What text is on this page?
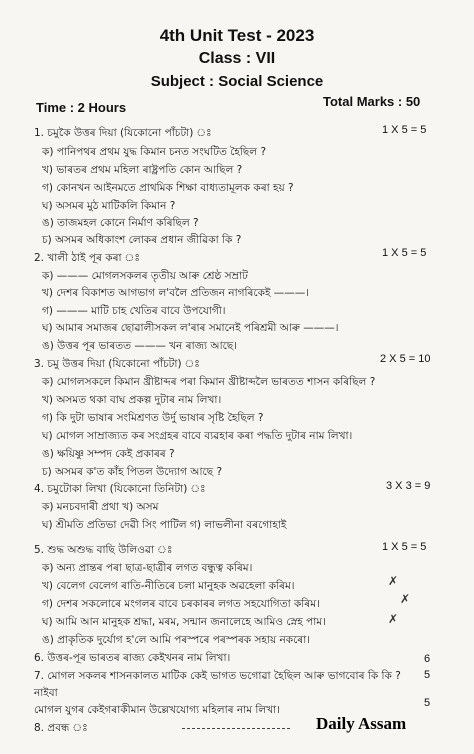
4th Unit Test - 2023
Class : VII
Subject : Social Science
Time : 2 Hours	Total Marks : 50
1. চমুকৈ উত্তৰ দিয়া (যিকোনো পাঁচটা) ঃ	1 X 5 = 5
ক) পানিপথৰ প্ৰথম যুদ্ধ কিমান চনত সংঘটিত হৈছিল ?
খ) ভাৰতৰ প্ৰথম মহিলা ৰাষ্ট্ৰপতি কোন আছিল ?
গ) কোনখন আইনমতে প্ৰাথমিক শিক্ষা বাধ্যতামূলক কৰা হয় ?
ঘ) অসমৰ মুঠ মাটিকলি কিমান ?
ঙ) তাজমহল কোনে নিৰ্মাণ কৰিছিল ?
চ) অসমৰ অধিকাংশ লোকৰ প্ৰধান জীৱিকা কি ?
2. খালী ঠাই পূৰ কৰা ঃ	1 X 5 = 5
ক) ——— মোগলসকলৰ তৃতীয় আৰু শ্ৰেষ্ঠ সম্ৰাট
খ) দেশৰ বিকাশত আগভাগ ল'বলৈ প্ৰতিজন নাগৰিকেই ———।
গ) ——— মাটি চাহ খেতিৰ বাবে উপযোগী।
ঘ) আমাৰ সমাজৰ ছোৱালীসকল ল'ৰাৰ সমানেই পৰিশ্ৰমী আৰু ———।
ঙ) উত্তৰ পূৰ ভাৰতত ——— খন ৰাজ্য আছে।
3. চমু উত্তৰ দিয়া (যিকোনো পাঁচটা) ঃ	2 X 5 = 10
ক) মোগলসকলে কিমান খ্ৰীষ্টাব্দৰ পৰা কিমান খ্ৰীষ্টাব্দলৈ ভাৰতত শাসন কৰিছিল ?
খ) অসমত থকা বাঘ প্ৰকল্প দুটাৰ নাম লিখা।
গ) কি দুটা ভাষাৰ সংমিশ্ৰণত উৰ্দু ভাষাৰ সৃষ্টি হৈছিল ?
ঘ) মোগল সাম্ৰাজ্যত কৰ সংগ্ৰহৰ বাবে ব্যৱহাৰ কৰা পদ্ধতি দুটাৰ নাম লিখা।
ঙ) ক্ষয়িষ্ণু সম্পদ কেই প্ৰকাৰৰ ?
চ) অসমৰ ক'ত কাঁহ পিতল উদ্যোগ আছে ?
4. চমুটোকা লিখা (যিকোনো তিনিটা) ঃ	3 X 3 = 9
ক) মনচবদাৰী প্ৰথা খ) অসম
ঘ) শ্ৰীমতি প্ৰতিভা দেৱী সিং পাটিল গ) লাভলীনা বৰগোহাই
5. শুদ্ধ অশুদ্ধ বাছি উলিওৱা ঃ	1 X 5 = 5
ক) অন্য প্ৰান্তৰ পৰা ছাত্ৰ-ছাত্ৰীৰ লগত বন্ধুত্ব কৰিম।
খ) বেলেগ বেলেগ ৰাতি-নীতিৰে চলা মানুহক অৱহেলা কৰিম।
গ) দেশৰ সকলোৰে মংগলৰ বাবে চৰকাৰৰ লগত সহযোগিতা কৰিম।
ঘ) আমি আন মানুহক শ্ৰদ্ধা, মৰম, সন্মান জনালেহে আমিও স্নেহ পাম।
ঙ) প্ৰাকৃতিক দুৰ্যোগ হ'লে আমি পৰস্পৰে পৰস্পৰক সহায় নকৰো।
6. উত্তৰ-পূৰ ভাৰতৰ ৰাজ্য কেইখনৰ নাম লিখা।	6
7. মোগল সকলৰ শাসনকালত মাটিক কেই ভাগত ভগোৱা হৈছিল আৰু ভাগবোৰ কি কি ? 5
নাইবা
মোগল যুগৰ কেইগৰাকীমান উল্লেখযোগ্য মহিলাৰ নাম লিখা।
8. প্ৰবন্ধ ঃ
5
✗
✗
✗
Daily Assam
